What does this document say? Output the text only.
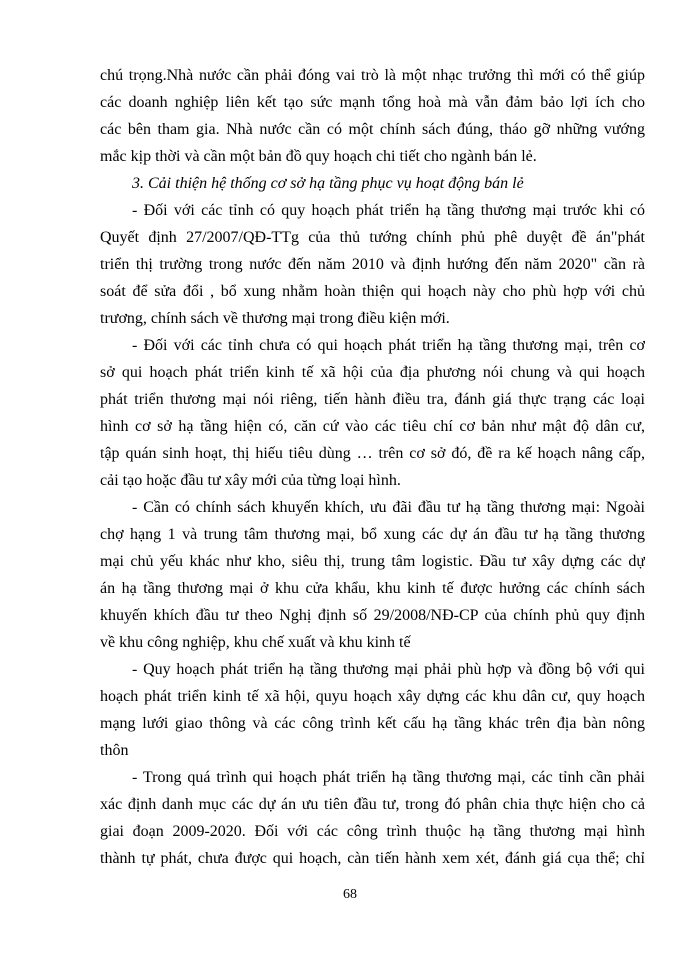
chú trọng.Nhà nước cần phải đóng vai trò là một nhạc trưởng thì mới có thể giúp
các doanh nghiệp liên kết tạo sức mạnh tổng hoà mà vẫn đảm bảo lợi ích cho
các bên tham gia. Nhà nước cần có một chính sách đúng, tháo gỡ những vướng
mắc kịp thời và cần một bản đồ quy hoạch chi tiết cho ngành bán lẻ.
3. Cải thiện hệ thống cơ sở hạ tầng phục vụ hoạt động bán lẻ
- Đối với các tỉnh có quy hoạch phát triển hạ tầng thương mại trước khi có
Quyết định 27/2007/QĐ-TTg của thủ tướng chính phủ phê duyệt đề án"phát
triển thị trường trong nước đến năm 2010 và định hướng đến năm 2020" cần rà
soát để sửa đổi , bổ xung nhằm hoàn thiện qui hoạch này cho phù hợp với chủ
trương, chính sách về thương mại trong điều kiện mới.
- Đối với các tỉnh chưa có qui hoạch phát triển hạ tầng thương mại, trên cơ
sở qui hoạch phát triển kinh tế xã hội của địa phương nói chung và qui hoạch
phát triển thương mại nói riêng, tiến hành điều tra, đánh giá thực trạng các loại
hình cơ sở hạ tầng hiện có, căn cứ vào các tiêu chí cơ bản như mật độ dân cư,
tập quán sinh hoạt, thị hiếu tiêu dùng … trên cơ sở đó, đề ra kế hoạch nâng cấp,
cải tạo hoặc đầu tư xây mới của từng loại hình.
- Cần có chính sách khuyến khích, ưu đãi đầu tư hạ tầng thương mại: Ngoài
chợ hạng 1 và trung tâm thương mại, bổ xung các dự án đầu tư hạ tầng thương
mại chủ yếu khác như kho, siêu thị, trung tâm logistic. Đầu tư xây dựng các dự
án hạ tầng thương mại ở khu cửa khẩu, khu kinh tế được hưởng các chính sách
khuyến khích đầu tư theo Nghị định số 29/2008/NĐ-CP của chính phủ quy định
về khu công nghiệp, khu chế xuất và khu kinh tế
- Quy hoạch phát triển hạ tầng thương mại phải phù hợp và đồng bộ với qui
hoạch phát triển kinh tế xã hội, quyu hoạch xây dựng các khu dân cư, quy hoạch
mạng lưới giao thông và các công trình kết cấu hạ tầng khác trên địa bàn nông
thôn
- Trong quá trình qui hoạch phát triển hạ tầng thương mại, các tỉnh cần phải
xác định danh mục các dự án ưu tiên đầu tư, trong đó phân chia thực hiện cho cả
giai đoạn 2009-2020. Đối với các công trình thuộc hạ tầng thương mại hình
thành tự phát, chưa được qui hoạch, càn tiến hành xem xét, đánh giá cụa thể; chỉ
68
